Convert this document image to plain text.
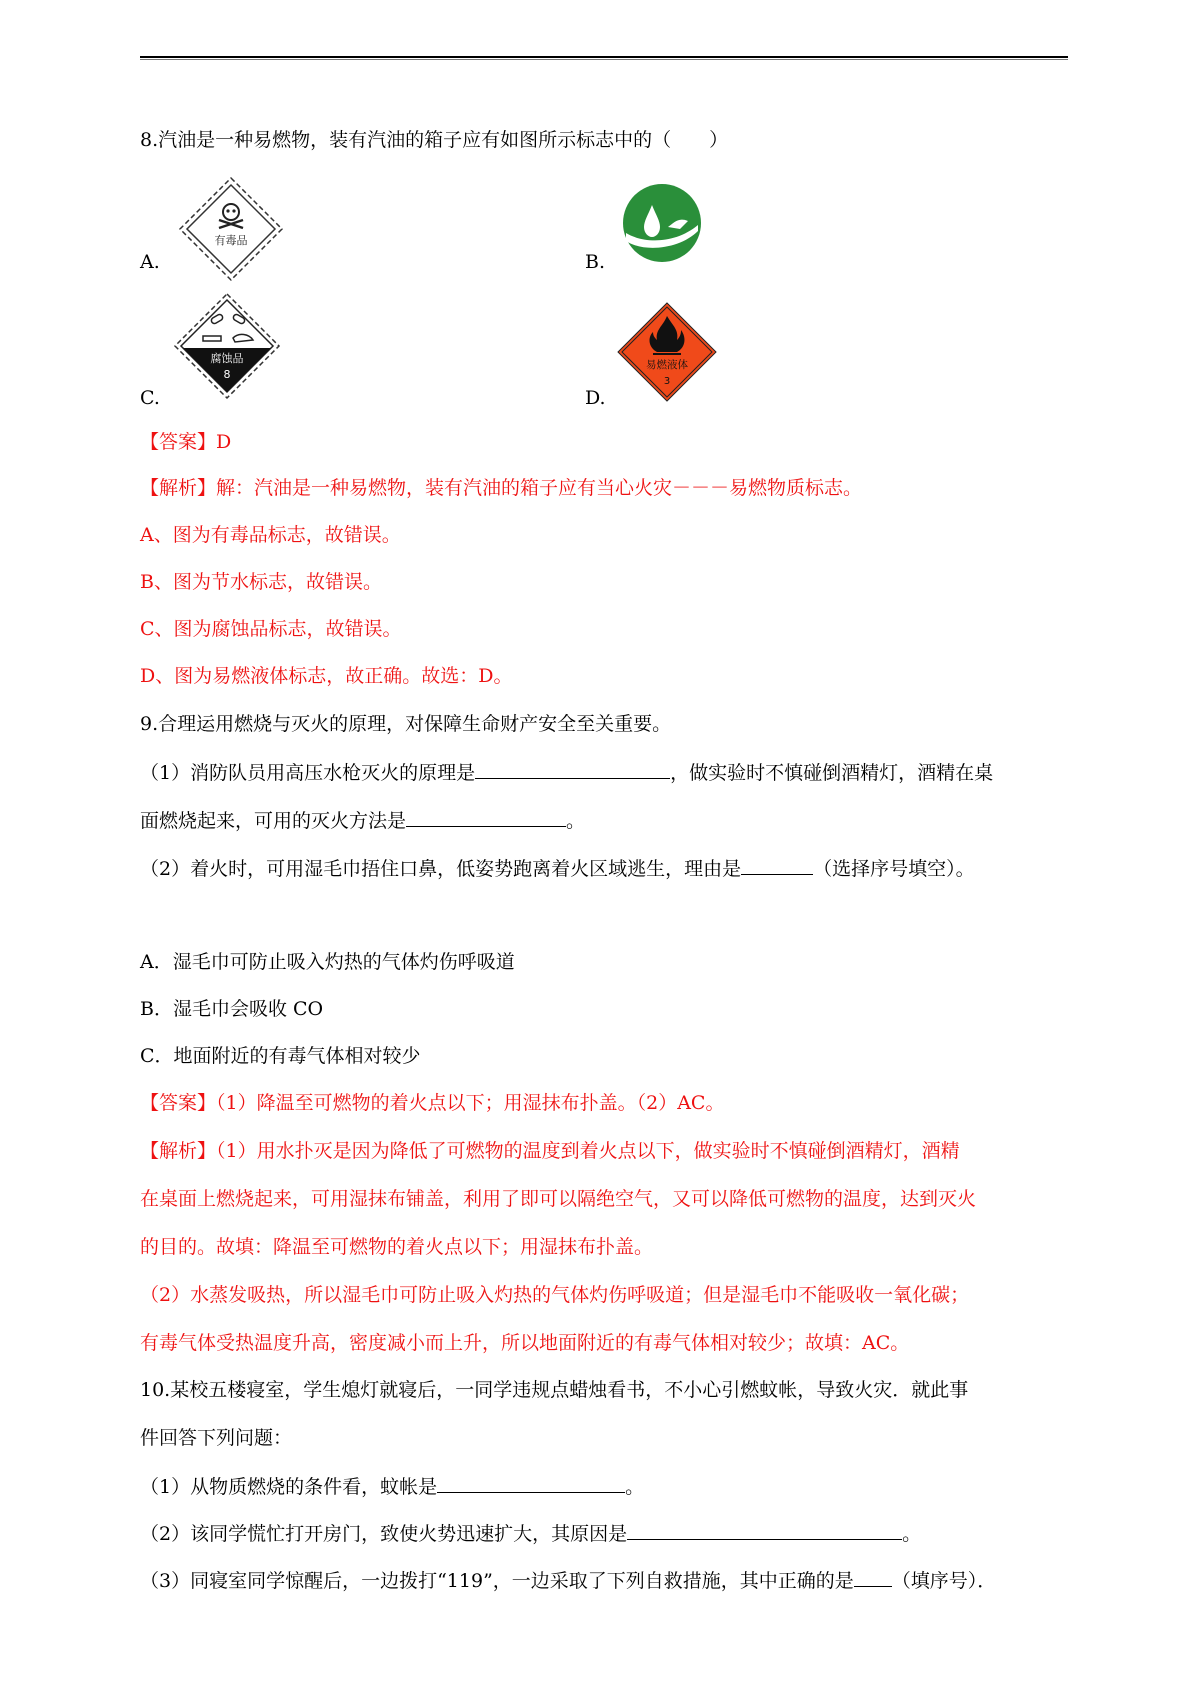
8.汽油是一种易燃物，装有汽油的箱子应有如图所示标志中的（　　）
有毒品
A.	B.
腐蚀品
8
C.
易燃液体
3
D.
【答案】D
【解析】解：汽油是一种易燃物，装有汽油的箱子应有当心火灾－－－易燃物质标志。
A、图为有毒品标志，故错误。
B、图为节水标志，故错误。
C、图为腐蚀品标志，故错误。
D、图为易燃液体标志，故正确。故选：D。
9.合理运用燃烧与灭火的原理，对保障生命财产安全至关重要。
（1）消防队员用高压水枪灭火的原理是	，做实验时不慎碰倒酒精灯，酒精在桌
面燃烧起来，可用的灭火方法是	。
（2）着火时，可用湿毛巾捂住口鼻，低姿势跑离着火区域逃生，理由是	（选择序号填空）。
A．湿毛巾可防止吸入灼热的气体灼伤呼吸道
B．湿毛巾会吸收 CO
C．地面附近的有毒气体相对较少
【答案】（1）降温至可燃物的着火点以下；用湿抹布扑盖。（2）AC。
【解析】（1）用水扑灭是因为降低了可燃物的温度到着火点以下，做实验时不慎碰倒酒精灯，酒精
在桌面上燃烧起来，可用湿抹布铺盖，利用了即可以隔绝空气，又可以降低可燃物的温度，达到灭火
的目的。故填：降温至可燃物的着火点以下；用湿抹布扑盖。
（2）水蒸发吸热，所以湿毛巾可防止吸入灼热的气体灼伤呼吸道；但是湿毛巾不能吸收一氧化碳；
有毒气体受热温度升高，密度减小而上升，所以地面附近的有毒气体相对较少；故填：AC。
10.某校五楼寝室，学生熄灯就寝后，一同学违规点蜡烛看书，不小心引燃蚊帐，导致火灾．就此事
件回答下列问题：
（1）从物质燃烧的条件看，蚊帐是	。
（2）该同学慌忙打开房门，致使火势迅速扩大，其原因是	。
（3）同寝室同学惊醒后，一边拨打“119”，一边采取了下列自救措施，其中正确的是 （填序号）．
